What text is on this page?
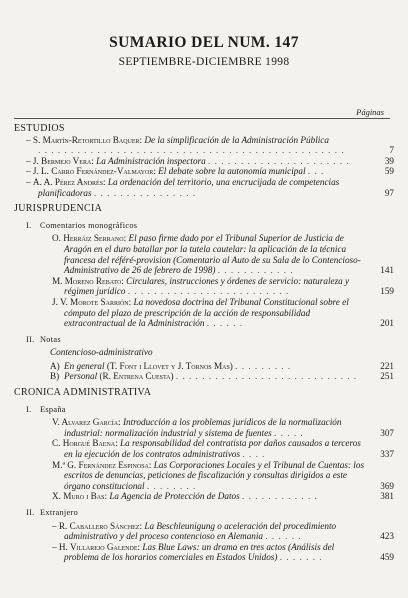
SUMARIO DEL NUM. 147
SEPTIEMBRE-DICIEMBRE 1998
Páginas
ESTUDIOS
– S. Martín-Retortillo Baquer: De la simplificación de la Administración Pública
. . . . . . . . . . . . . . . . . . . . . . . . . . . . . . . . . . . . . . . . . . . . . . .	7
– J. Bermejo Vera: La Administración inspectora . . . . . . . . . . . . . . . . . . . . . .	39
– J. L. Carro Fernández-Valmayor: El debate sobre la autonomía municipal . . .	59
– A. A. Pérez Andrés: La ordenación del territorio, una encrucijada de competencias planificadoras . . . . . . . . . . . . . . . .	97
JURISPRUDENCIA
I. Comentarios monográficos
O. Herráiz Serrano: El paso firme dado por el Tribunal Superior de Justicia de Aragón en el duro batallar por la tutela cautelar: la aplicación de la técnica francesa del référé-provision (Comentario al Auto de su Sala de lo Contencioso-Administrativo de 26 de febrero de 1998) . . . . . . . . . . . .	141
M. Moreno Rebato: Circulares, instrucciones y órdenes de servicio: naturaleza y régimen jurídico . . . . . . . . . . . . . . . . . . . . . . . . .	159
J. V. Morote Sarrión: La novedosa doctrina del Tribunal Constitucional sobre el cómputo del plazo de prescripción de la acción de responsabilidad extracontractual de la Administración . . . . . .	201
II. Notas
Contencioso-administrativo
A) En general (T. Font i Llovet y J. Tornos Mas) . . . . . . . . .	221
B) Personal (R. Entrena Cuesta) . . . . . . . . . . . . . . . . . . . . . . . . . . . .	251
CRONICA ADMINISTRATIVA
I. España
V. Alvarez García: Introducción a los problemas jurídicos de la normalización industrial: normalización industrial y sistema de fuentes . . . . .	307
C. Horgué Baena: La responsabilidad del contratista por daños causados a terceros en la ejecución de los contratos administrativos . . . .	337
M.ª G. Fernández Espinosa: Las Corporaciones Locales y el Tribunal de Cuentas: los escritos de denuncias, peticiones de fiscalización y consultas dirigidos a este órgano constitucional . . . . . . . .	369
X. Muro i Bas: La Agencia de Protección de Datos . . . . . . . . . . . .	381
II. Extranjero
– R. Caballero Sánchez: La Beschleunigung o aceleración del procedimiento administrativo y del proceso contencioso en Alemania . . . . . .	423
– H. Villarejo Galende: Las Blue Laws: un drama en tres actos (Análisis del problema de los horarios comerciales en Estados Unidos) . . . . . . .	459
